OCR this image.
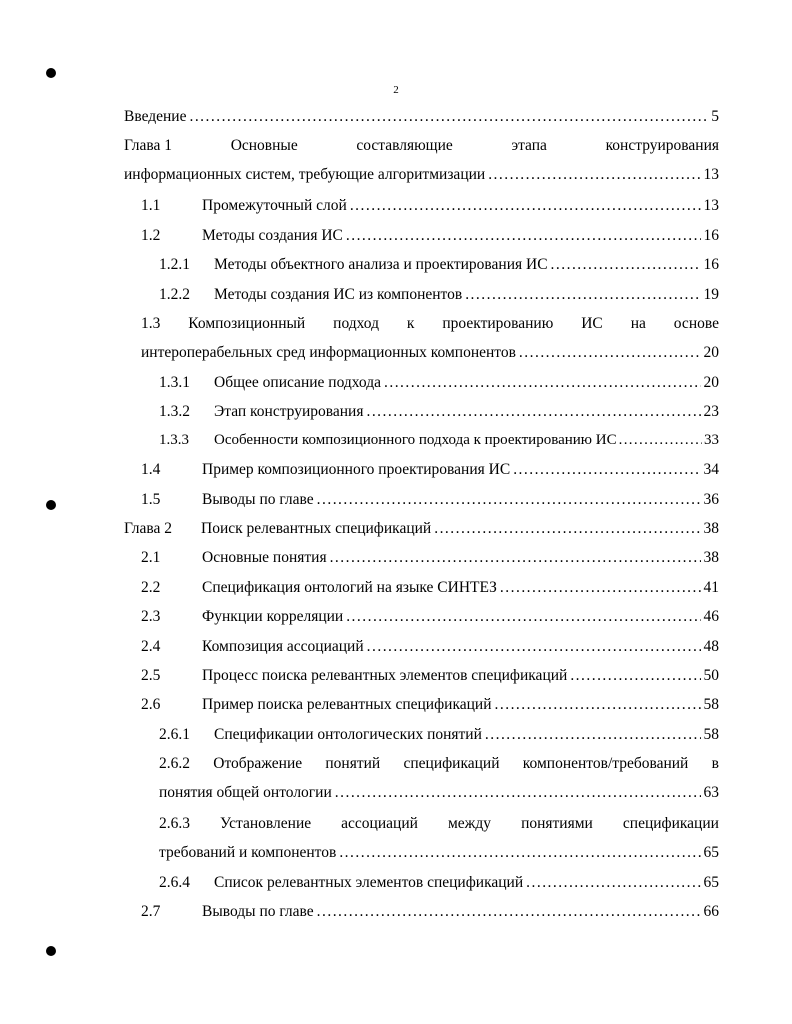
2
Введение . . .	5
Глава 1	Основные	составляющие	этапа	конструирования
информационных систем, требующие алгоритмизации . . .	13
1.1	Промежуточный слой . . .	13
1.2	Методы создания ИС . . .	16
1.2.1	Методы объектного анализа и проектирования ИС . . .	16
1.2.2	Методы создания ИС из компонентов . . .	19
1.3 Композиционный подход к проектированию ИС на основе
интероперабельных сред информационных компонентов . . .	20
1.3.1	Общее описание подхода . . .	20
1.3.2	Этап конструирования . . .	23
1.3.3	Особенности композиционного подхода к проектированию ИС . . .	33
1.4	Пример композиционного проектирования ИС . . .	34
1.5	Выводы по главе . . .	36
Глава 2	Поиск релевантных спецификаций . . .	38
2.1	Основные понятия . . .	38
2.2	Спецификация онтологий на языке СИНТЕЗ . . .	41
2.3	Функции корреляции . . .	46
2.4	Композиция ассоциаций . . .	48
2.5	Процесс поиска релевантных элементов спецификаций . . .	50
2.6	Пример поиска релевантных спецификаций . . .	58
2.6.1	Спецификации онтологических понятий . . .	58
2.6.2 Отображение понятий спецификаций компонентов/требований в
понятия общей онтологии . . .	63
2.6.3 Установление ассоциаций между понятиями спецификации
требований и компонентов . . .	65
2.6.4	Список релевантных элементов спецификаций . . .	65
2.7	Выводы по главе . . .	66
